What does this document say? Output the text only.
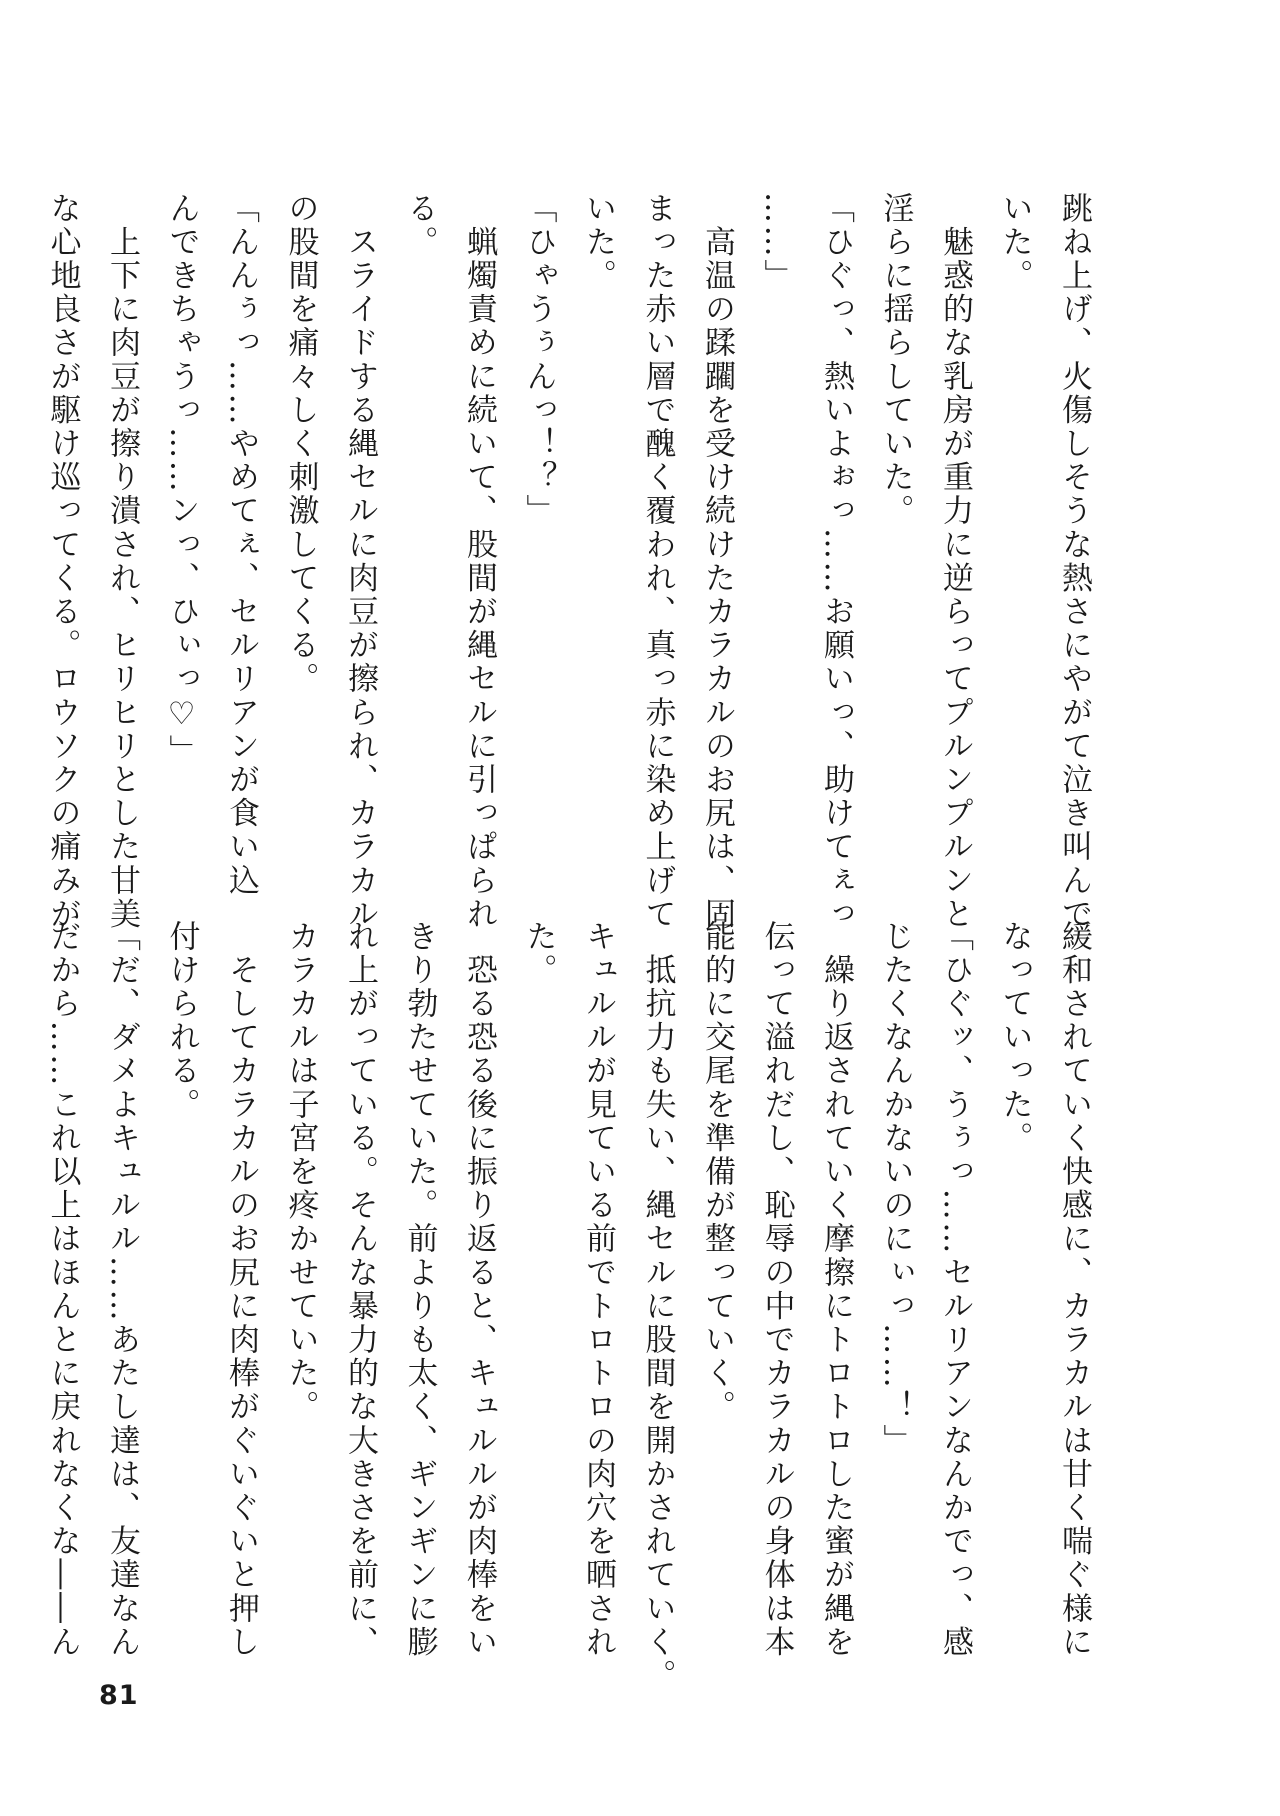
跳ね上げ、火傷しそうな熱さにやがて泣き叫んで
いた。
　魅惑的な乳房が重力に逆らってプルンプルンと
淫らに揺らしていた。
「ひぐっ、熱いよぉっ……お願いっ、助けてぇっ
……」
　高温の蹂躙を受け続けたカラカルのお尻は、固
まった赤い層で醜く覆われ、真っ赤に染め上げて
いた。
「ひゃうぅんっ！？」
　蝋燭責めに続いて、股間が縄セルに引っぱられ
る。
　スライドする縄セルに肉豆が擦られ、カラカル
の股間を痛々しく刺激してくる。
「んんぅっ……やめてぇ、セルリアンが食い込
んできちゃうっ……ンっ、ひぃっ♡」
　上下に肉豆が擦り潰され、ヒリヒリとした甘美
な心地良さが駆け巡ってくる。ロウソクの痛みが
緩和されていく快感に、カラカルは甘く喘ぐ様に
なっていった。
「ひぐッ、うぅっ……セルリアンなんかでっ、感
じたくなんかないのにぃっ……！」
　繰り返されていく摩擦にトロトロした蜜が縄を
伝って溢れだし、恥辱の中でカラカルの身体は本
能的に交尾を準備が整っていく。
　抵抗力も失い、縄セルに股間を開かされていく。
キュルルが見ている前でトロトロの肉穴を晒され
た。
　恐る恐る後に振り返ると、キュルルが肉棒をい
きり勃たせていた。前よりも太く、ギンギンに膨
れ上がっている。そんな暴力的な大きさを前に、
カラカルは子宮を疼かせていた。
　そしてカラカルのお尻に肉棒がぐいぐいと押し
付けられる。
「だ、ダメよキュルル……あたし達は、友達なん
だから……これ以上はほんとに戻れなくな――ん
81
